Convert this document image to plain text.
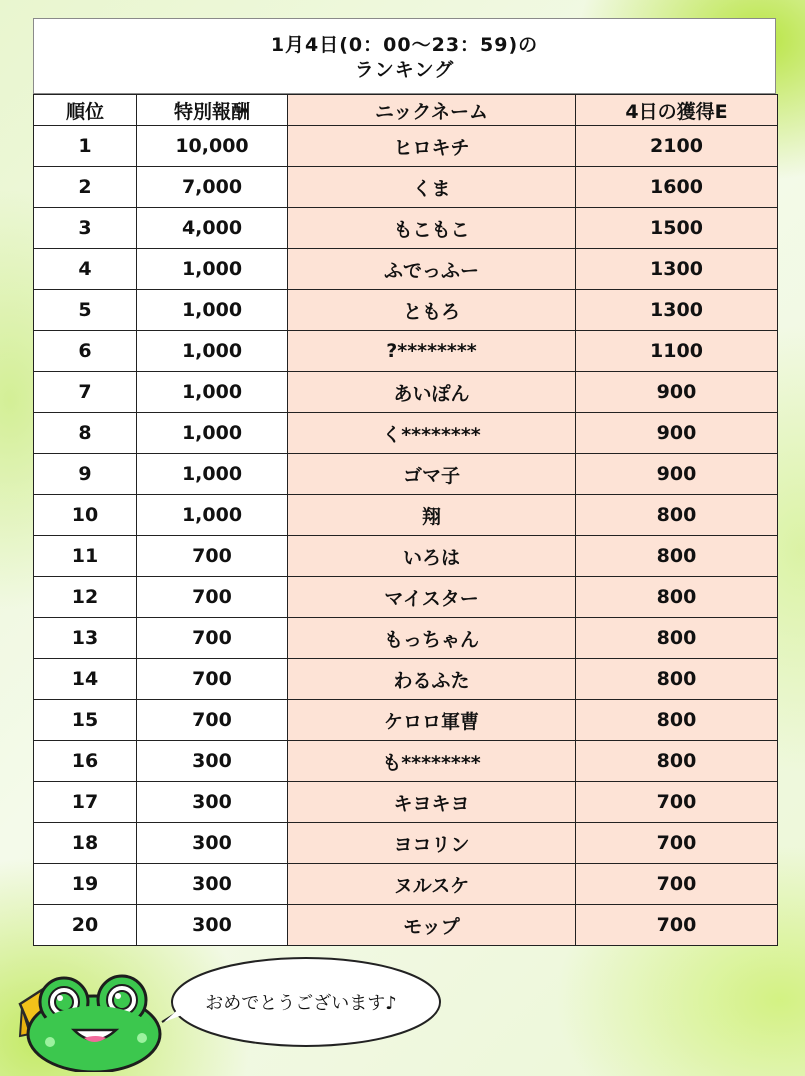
1月4日(0：00～23：59)の
ランキング
順位	特別報酬	ニックネーム	4日の獲得E
1	10,000	ヒロキチ	2100
2	7,000	くま	1600
3	4,000	もこもこ	1500
4	1,000	ふでっふー	1300
5	1,000	ともろ	1300
6	1,000	?********	1100
7	1,000	あいぽん	900
8	1,000	く********	900
9	1,000	ゴマ子	900
10	1,000	翔	800
11	700	いろは	800
12	700	マイスター	800
13	700	もっちゃん	800
14	700	わるふた	800
15	700	ケロロ軍曹	800
16	300	も********	800
17	300	キヨキヨ	700
18	300	ヨコリン	700
19	300	ヌルスケ	700
20	300	モップ	700
おめでとうございます♪
